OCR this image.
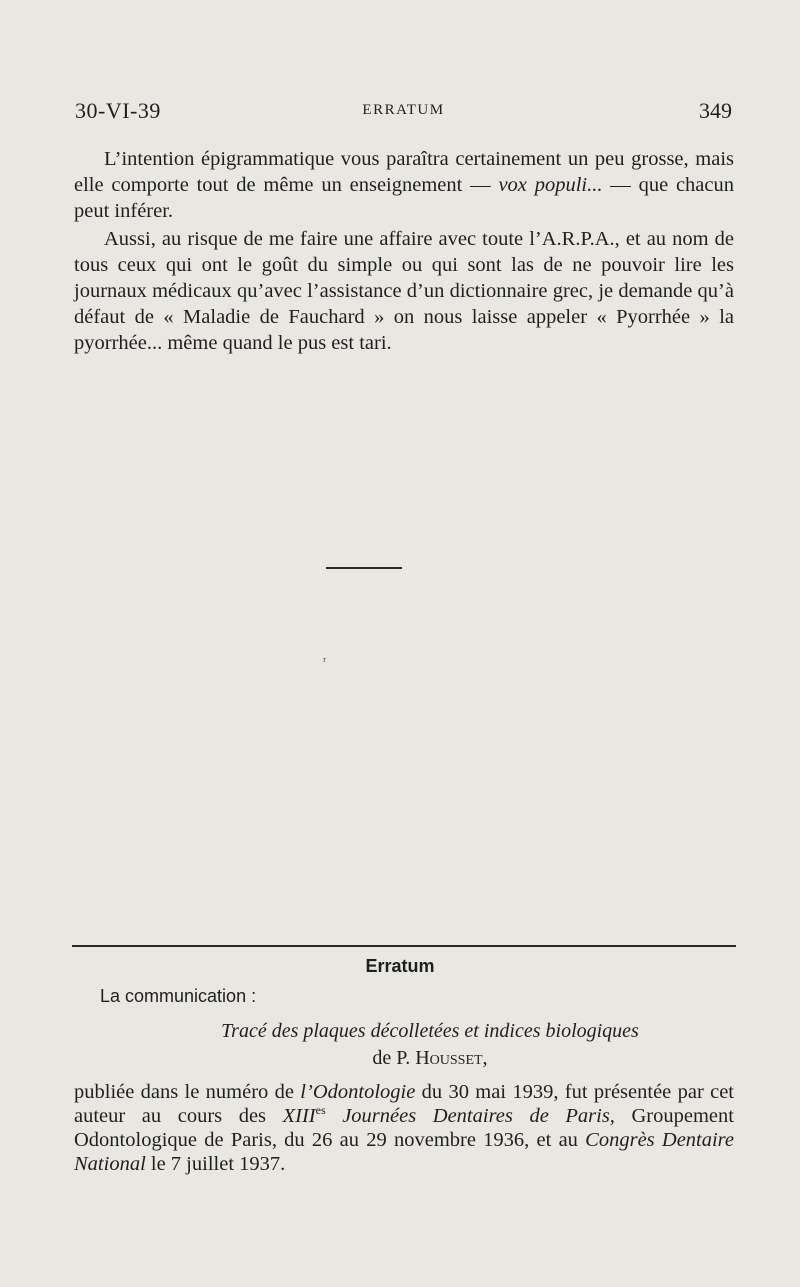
30-VI-39	ERRATUM	349
L’intention épigrammatique vous paraîtra certainement un peu grosse, mais elle comporte tout de même un enseignement — vox populi... — que chacun peut inférer.
Aussi, au risque de me faire une affaire avec toute l’A.R.P.A., et au nom de tous ceux qui ont le goût du simple ou qui sont las de ne pouvoir lire les journaux médicaux qu’avec l’assistance d’un dictionnaire grec, je demande qu’à défaut de « Maladie de Fauchard » on nous laisse appeler « Pyorrhée » la pyorrhée... même quand le pus est tari.
ʳ
Erratum
La communication :
Tracé des plaques décolletées et indices biologiques
de P. Housset,
publiée dans le numéro de l’Odontologie du 30 mai 1939, fut présentée par cet auteur au cours des $XIII^{es}$ Journées Dentaires de Paris, Groupement Odontologique de Paris, du 26 au 29 novembre 1936, et au Congrès Dentaire National le 7 juillet 1937.
